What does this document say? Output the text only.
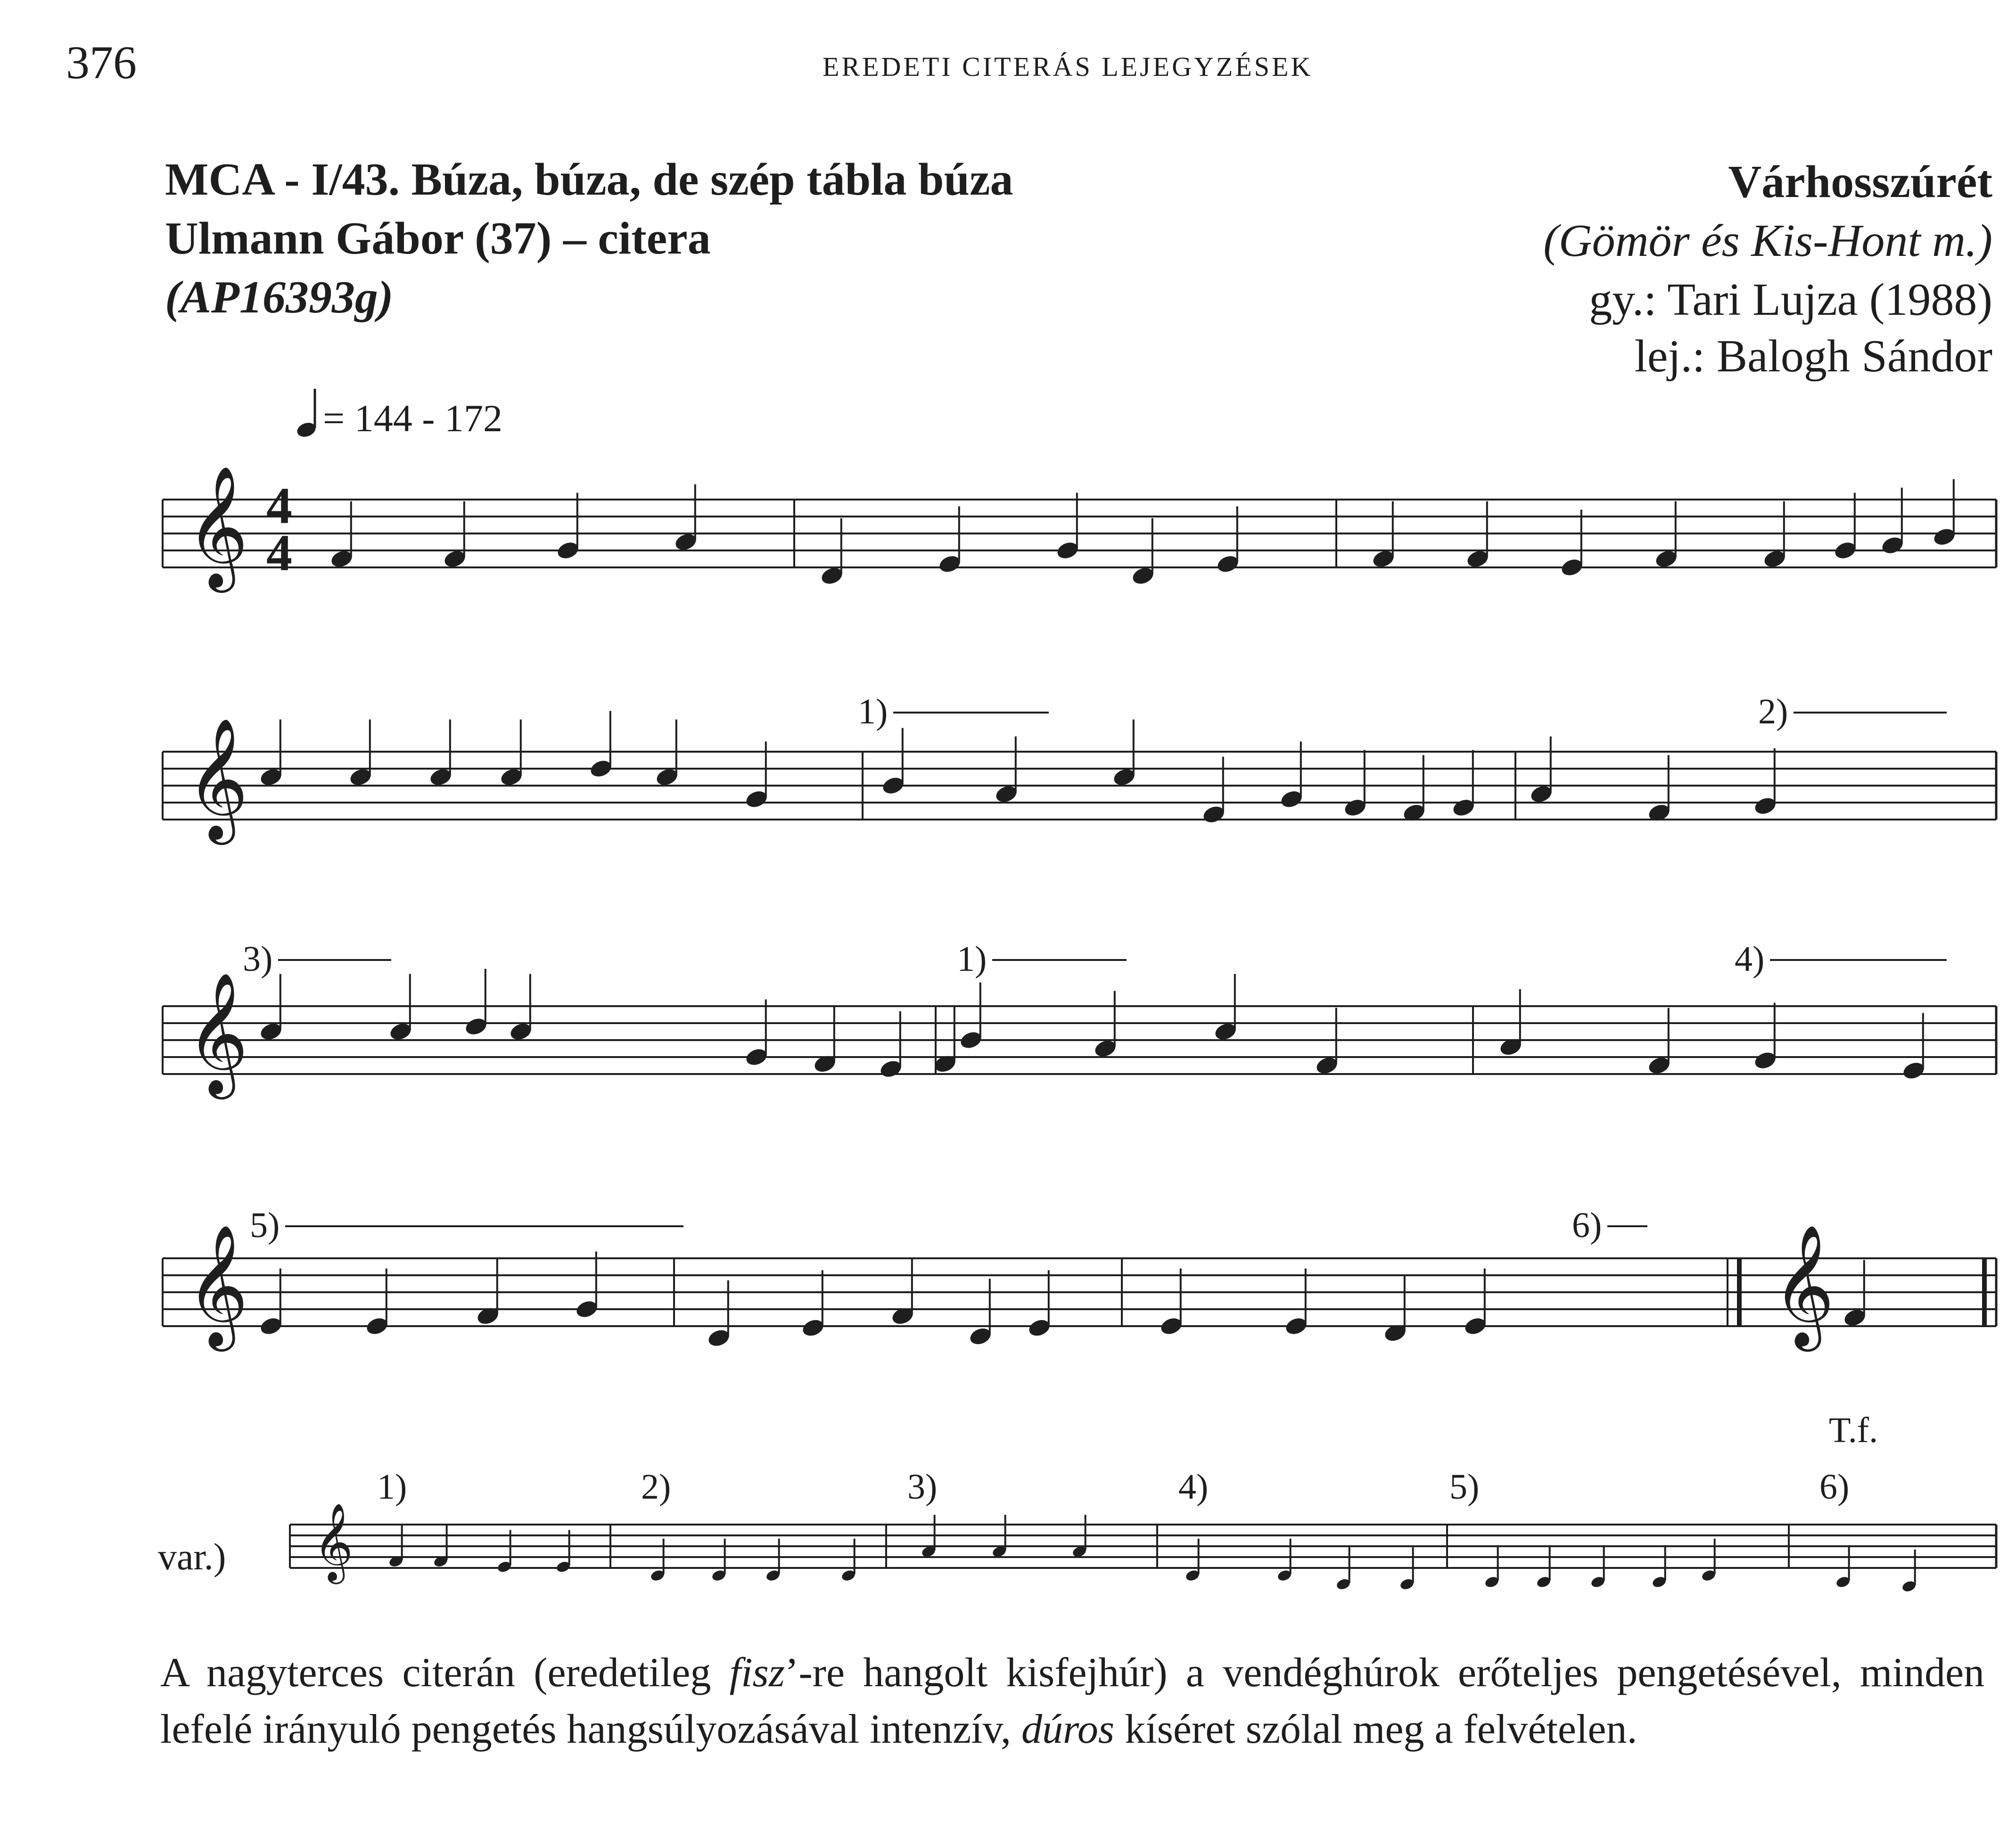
376	EREDETI CITERÁS LEJEGYZÉSEK
MCA - I/43. Búza, búza, de szép tábla búza
Ulmann Gábor (37) – citera
(AP16393g)
Várhosszúrét
(Gömör és Kis-Hont m.)
gy.: Tari Lujza (1988)
lej.: Balogh Sándor
= 144 - 172
𝄞
𝄞
𝄞
𝄞
𝄞
𝄞
4
4
1)	2)
3)	1)	4)
5)	6)
T.f.
var.)
1)	2)	3)	4)	5)	6)
A nagyterces citerán (eredetileg fisz’-re hangolt kisfejhúr) a vendéghúrok erőteljes pengetésével, minden lefelé irányuló pengetés hangsúlyozásával intenzív, dúros kíséret szólal meg a felvételen.
